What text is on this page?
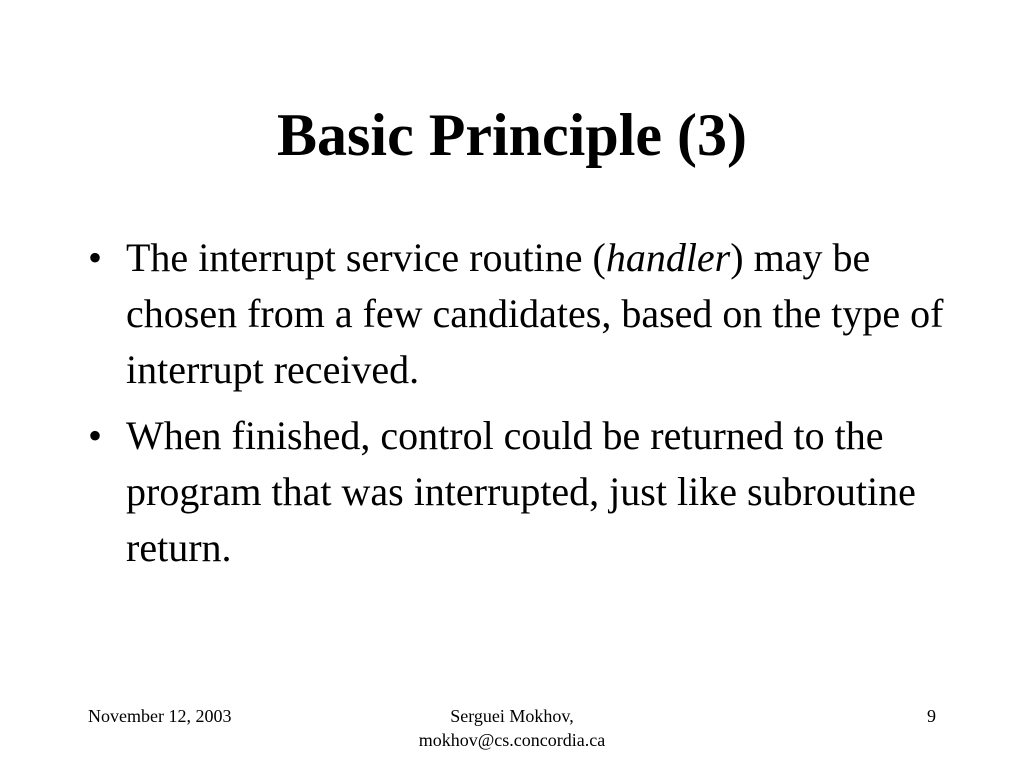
Basic Principle (3)
• The interrupt service routine (handler) may be chosen from a few candidates, based on the type of interrupt received.
• When finished, control could be returned to the program that was interrupted, just like subroutine return.
November 12, 2003	Serguei Mokhov,
mokhov@cs.concordia.ca
9
